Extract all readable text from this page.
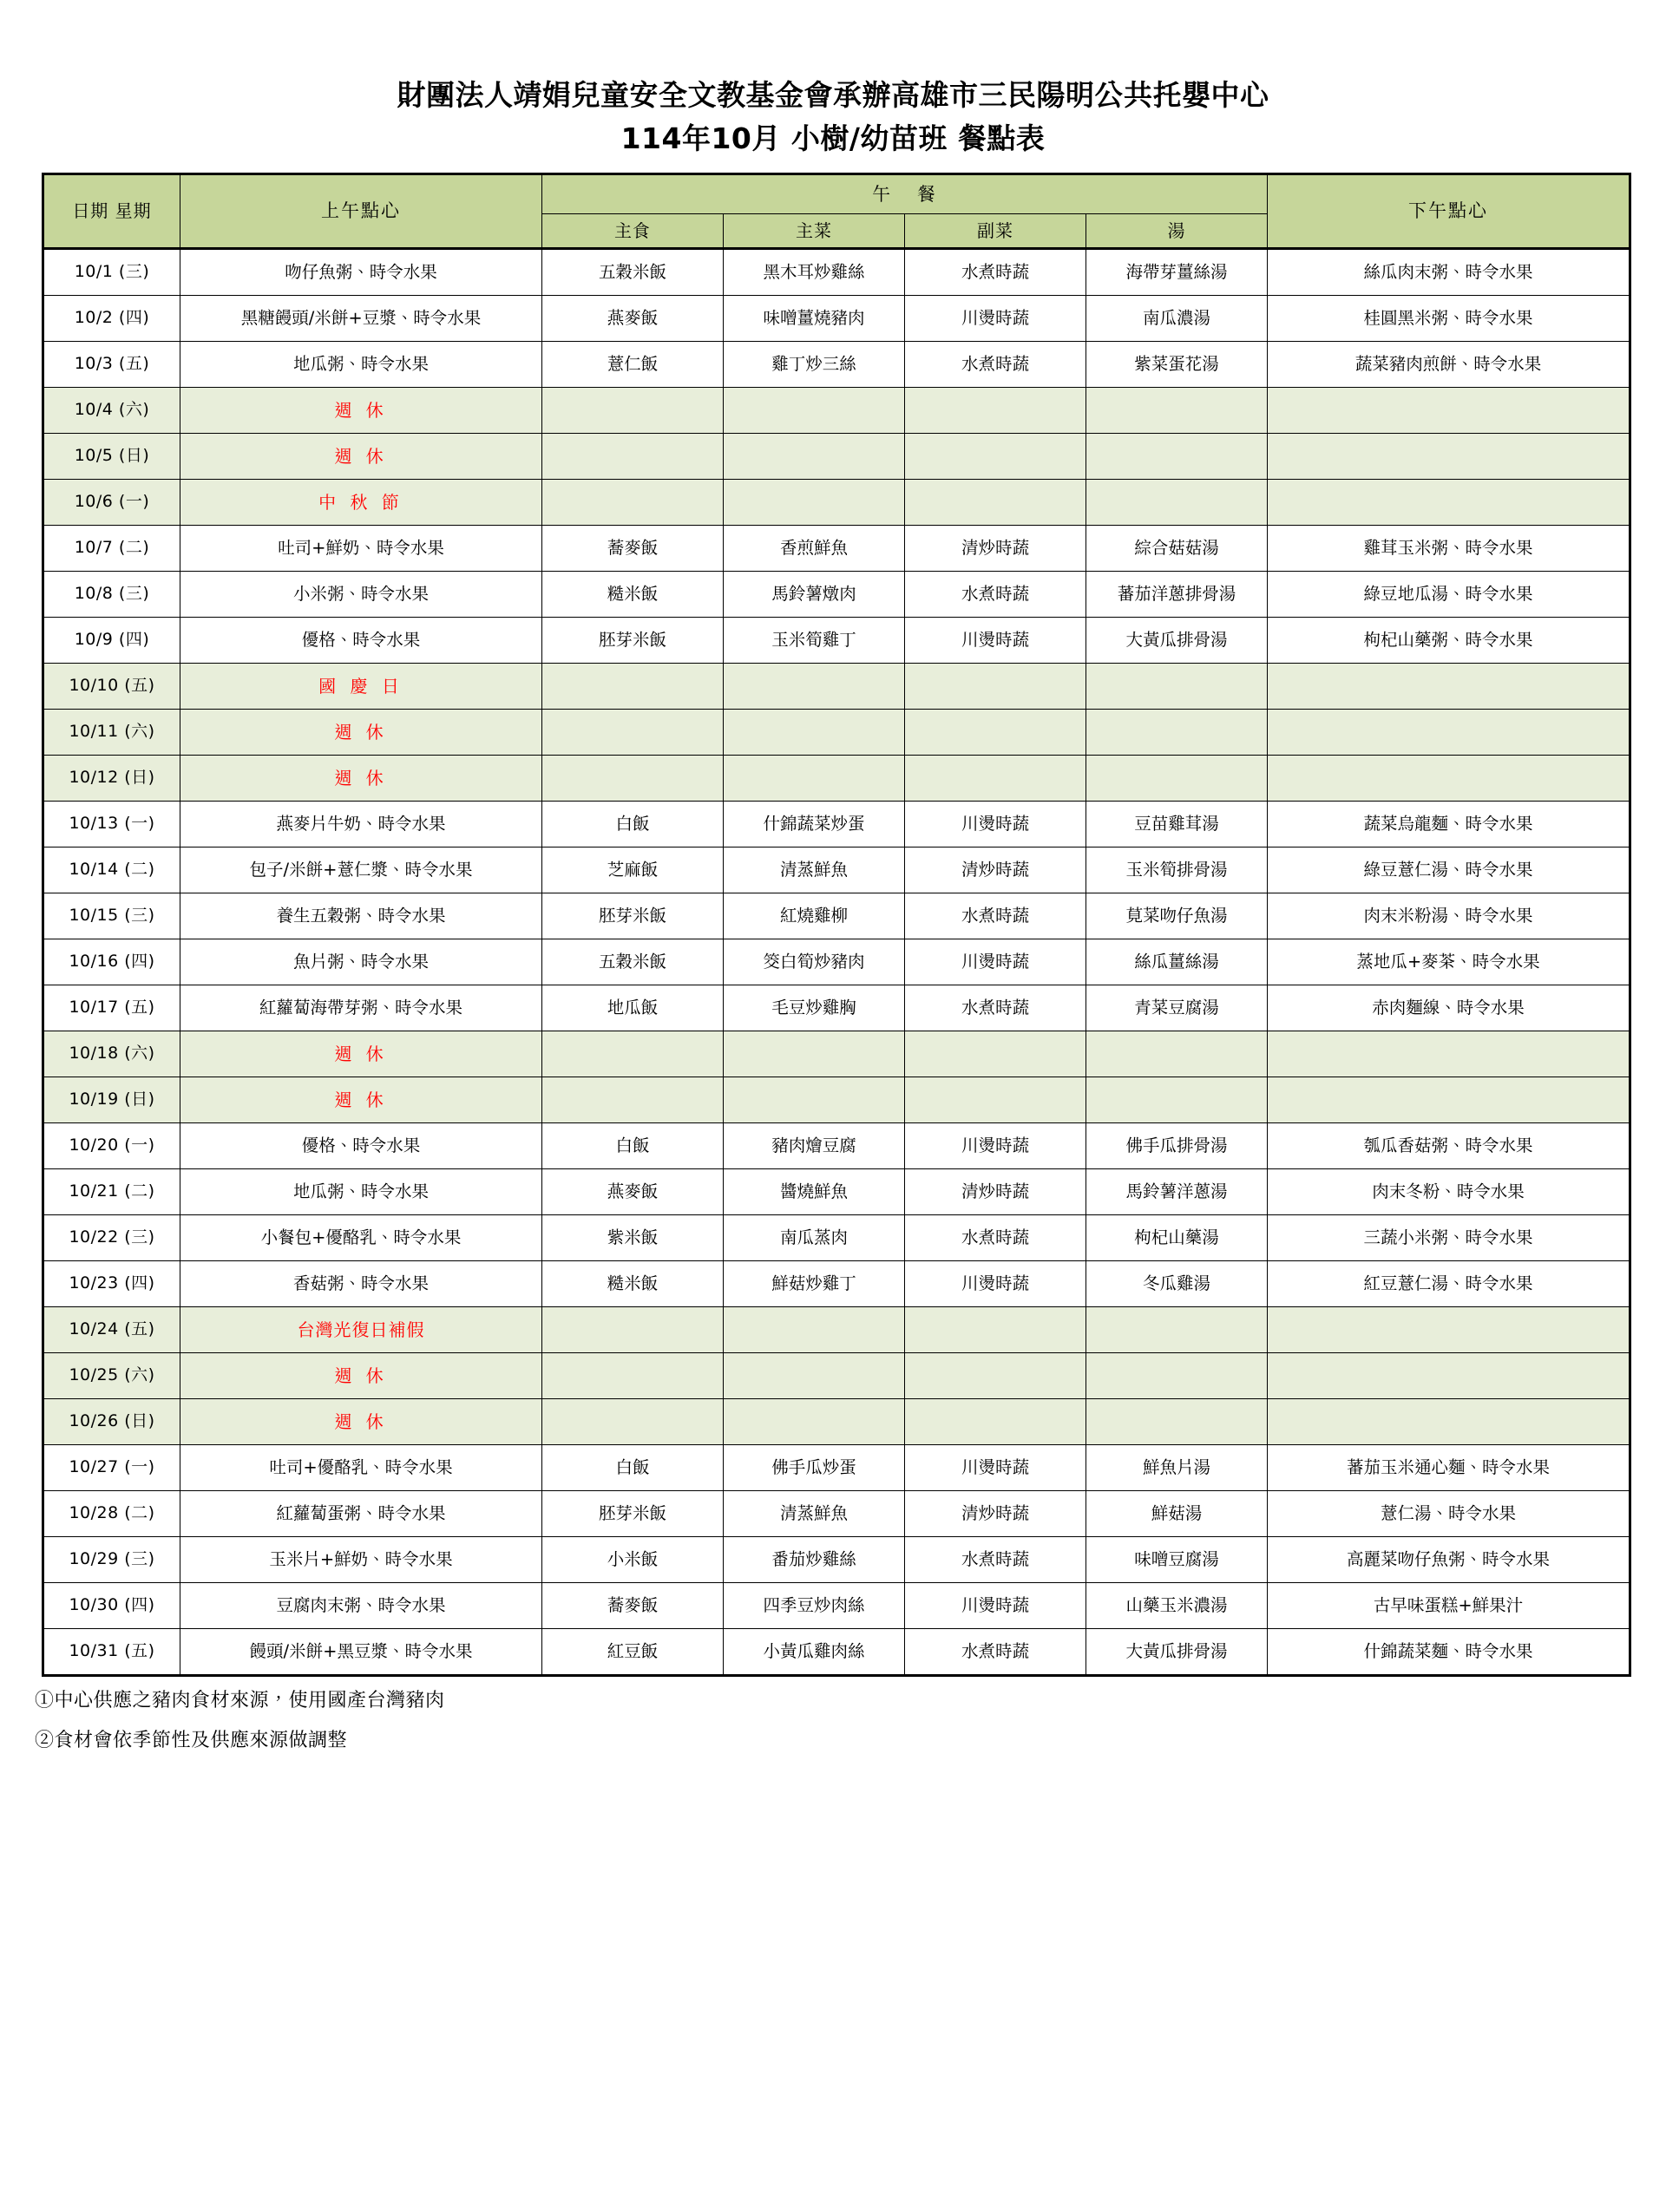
財團法人靖娟兒童安全文教基金會承辦高雄市三民陽明公共托嬰中心
114年10月 小樹/幼苗班 餐點表
日期 星期	上午點心	午 餐				下午點心
		主食	主菜	副菜	湯	
10/1 (三)	吻仔魚粥、時令水果	五穀米飯	黑木耳炒雞絲	水煮時蔬	海帶芽薑絲湯	絲瓜肉末粥、時令水果
10/2 (四)	黑糖饅頭/米餅+豆漿、時令水果	燕麥飯	味噌薑燒豬肉	川燙時蔬	南瓜濃湯	桂圓黑米粥、時令水果
10/3 (五)	地瓜粥、時令水果	薏仁飯	雞丁炒三絲	水煮時蔬	紫菜蛋花湯	蔬菜豬肉煎餅、時令水果
10/4 (六)	週 休					
10/5 (日)	週 休					
10/6 (一)	中 秋 節					
10/7 (二)	吐司+鮮奶、時令水果	蕎麥飯	香煎鮮魚	清炒時蔬	綜合菇菇湯	雞茸玉米粥、時令水果
10/8 (三)	小米粥、時令水果	糙米飯	馬鈴薯燉肉	水煮時蔬	蕃茄洋蔥排骨湯	綠豆地瓜湯、時令水果
10/9 (四)	優格、時令水果	胚芽米飯	玉米筍雞丁	川燙時蔬	大黃瓜排骨湯	枸杞山藥粥、時令水果
10/10 (五)	國 慶 日					
10/11 (六)	週 休					
10/12 (日)	週 休					
10/13 (一)	燕麥片牛奶、時令水果	白飯	什錦蔬菜炒蛋	川燙時蔬	豆苗雞茸湯	蔬菜烏龍麵、時令水果
10/14 (二)	包子/米餅+薏仁漿、時令水果	芝麻飯	清蒸鮮魚	清炒時蔬	玉米筍排骨湯	綠豆薏仁湯、時令水果
10/15 (三)	養生五穀粥、時令水果	胚芽米飯	紅燒雞柳	水煮時蔬	莧菜吻仔魚湯	肉末米粉湯、時令水果
10/16 (四)	魚片粥、時令水果	五穀米飯	筊白筍炒豬肉	川燙時蔬	絲瓜薑絲湯	蒸地瓜+麥茶、時令水果
10/17 (五)	紅蘿蔔海帶芽粥、時令水果	地瓜飯	毛豆炒雞胸	水煮時蔬	青菜豆腐湯	赤肉麵線、時令水果
10/18 (六)	週 休					
10/19 (日)	週 休					
10/20 (一)	優格、時令水果	白飯	豬肉燴豆腐	川燙時蔬	佛手瓜排骨湯	瓠瓜香菇粥、時令水果
10/21 (二)	地瓜粥、時令水果	燕麥飯	醬燒鮮魚	清炒時蔬	馬鈴薯洋蔥湯	肉末冬粉、時令水果
10/22 (三)	小餐包+優酪乳、時令水果	紫米飯	南瓜蒸肉	水煮時蔬	枸杞山藥湯	三蔬小米粥、時令水果
10/23 (四)	香菇粥、時令水果	糙米飯	鮮菇炒雞丁	川燙時蔬	冬瓜雞湯	紅豆薏仁湯、時令水果
10/24 (五)	台灣光復日補假					
10/25 (六)	週 休					
10/26 (日)	週 休					
10/27 (一)	吐司+優酪乳、時令水果	白飯	佛手瓜炒蛋	川燙時蔬	鮮魚片湯	蕃茄玉米通心麵、時令水果
10/28 (二)	紅蘿蔔蛋粥、時令水果	胚芽米飯	清蒸鮮魚	清炒時蔬	鮮菇湯	薏仁湯、時令水果
10/29 (三)	玉米片+鮮奶、時令水果	小米飯	番茄炒雞絲	水煮時蔬	味噌豆腐湯	高麗菜吻仔魚粥、時令水果
10/30 (四)	豆腐肉末粥、時令水果	蕎麥飯	四季豆炒肉絲	川燙時蔬	山藥玉米濃湯	古早味蛋糕+鮮果汁
10/31 (五)	饅頭/米餅+黑豆漿、時令水果	紅豆飯	小黃瓜雞肉絲	水煮時蔬	大黃瓜排骨湯	什錦蔬菜麵、時令水果
①中心供應之豬肉食材來源，使用國產台灣豬肉
②食材會依季節性及供應來源做調整
